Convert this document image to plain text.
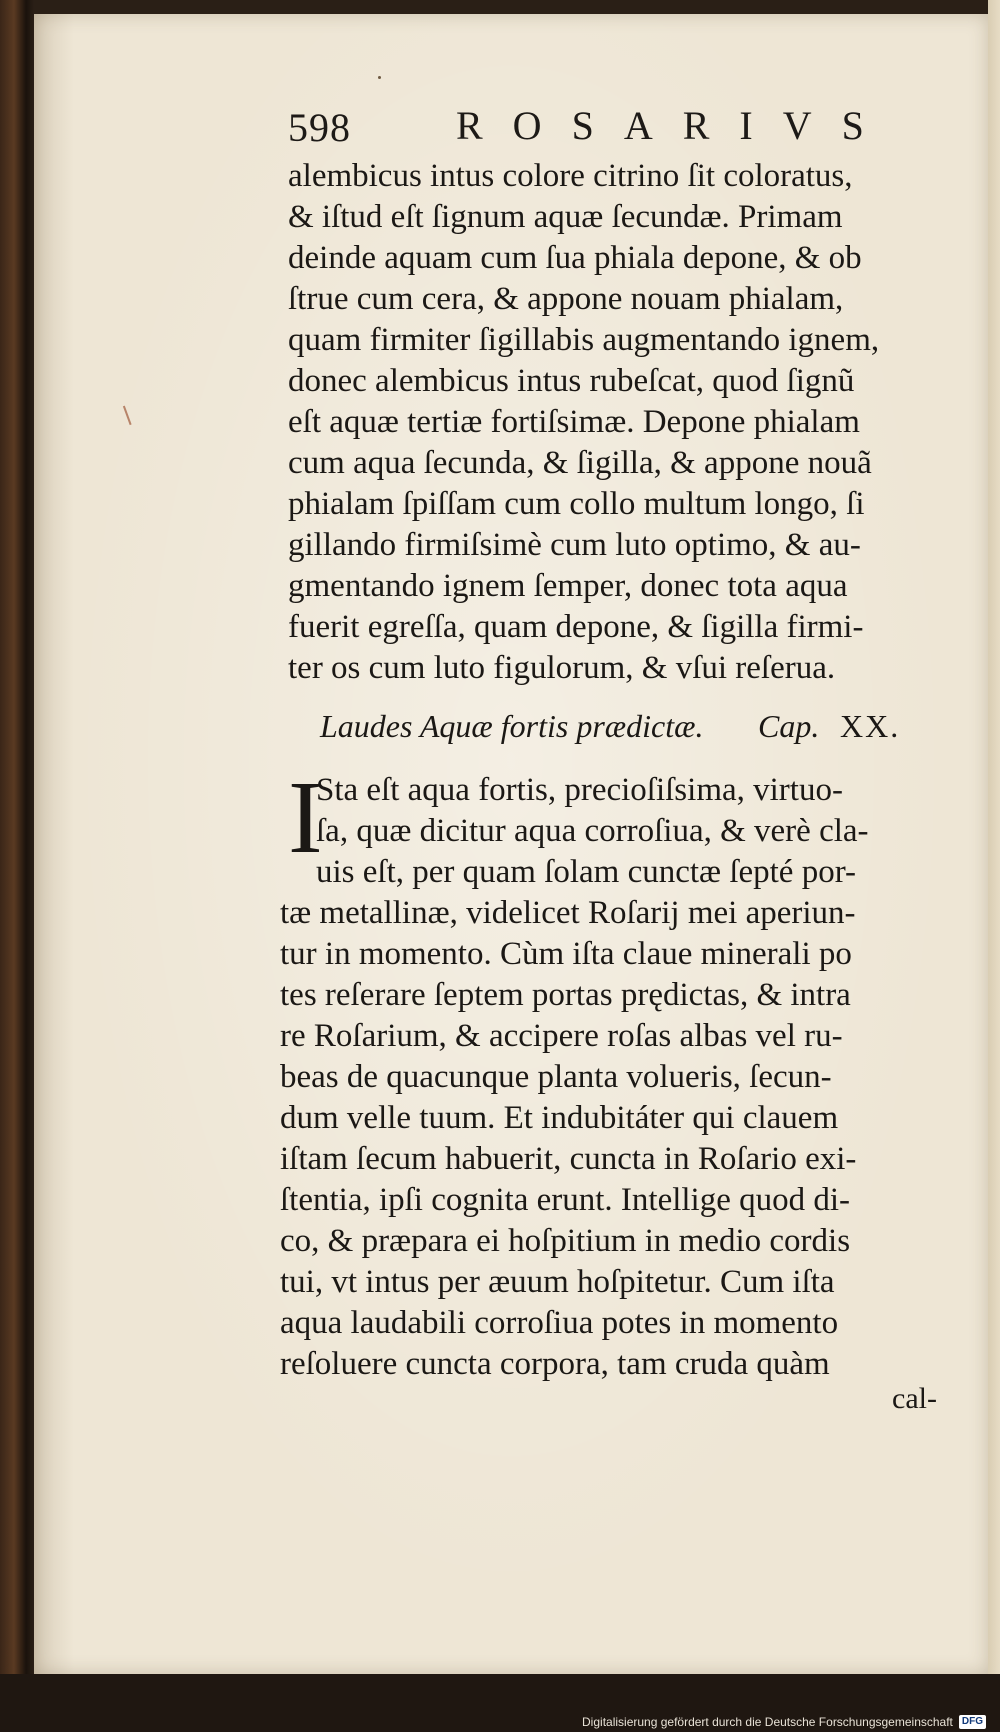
598	ROSARIVS
alembicus intus colore citrino ſit coloratus,
& iſtud eſt ſignum aquæ ſecundæ. Primam
deinde aquam cum ſua phiala depone, & ob
ſtrue cum cera, & appone nouam phialam,
quam firmiter ſigillabis augmentando ignem,
donec alembicus intus rubeſcat, quod ſignũ
eſt aquæ tertiæ fortiſsimæ. Depone phialam
cum aqua ſecunda, & ſigilla, & appone nouã
phialam ſpiſſam cum collo multum longo, ſi
gillando firmiſsimè cum luto optimo, & au-
gmentando ignem ſemper, donec tota aqua
fuerit egreſſa, quam depone, & ſigilla firmi-
ter os cum luto figulorum, & vſui reſerua.
Laudes Aquæ fortis prædictæ. Cap. XX.
I
Sta eſt aqua fortis, precioſiſsima, virtuo-
ſa, quæ dicitur aqua corroſiua, & verè cla-
uis eſt, per quam ſolam cunctæ ſepté por-
tæ metallinæ, videlicet Roſarij mei aperiun-
tur in momento. Cùm iſta claue minerali po
tes reſerare ſeptem portas prędictas, & intra
re Roſarium, & accipere roſas albas vel ru-
beas de quacunque planta volueris, ſecun-
dum velle tuum. Et indubitáter qui clauem
iſtam ſecum habuerit, cuncta in Roſario exi-
ſtentia, ipſi cognita erunt. Intellige quod di-
co, & præpara ei hoſpitium in medio cordis
tui, vt intus per æuum hoſpitetur. Cum iſta
aqua laudabili corroſiua potes in momento
reſoluere cuncta corpora, tam cruda quàm
cal-
Digitalisierung gefördert durch die Deutsche Forschungsgemeinschaft DFG
